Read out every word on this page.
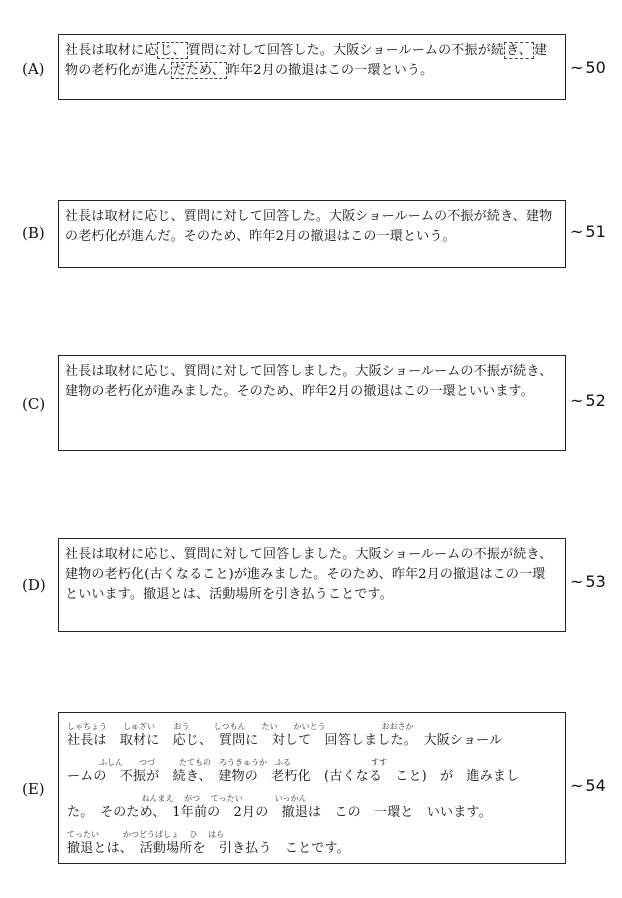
(A)
社長は取材に応 じ、 質問に対して回答した。大阪ショールームの不振が続 き、 建物の老朽化が進ん だため、 昨年2月の撤退はこの一環という。	~ 50
(B)
社長は取材に応じ、質問に対して回答した。大阪ショールームの不振が続き、建物の老朽化が進んだ。そのため、昨年2月の撤退はこの一環という。	~ 51
(C)
社長は取材に応じ、質問に対して回答しました。大阪ショールームの不振が続き、建物の老朽化が進みました。そのため、昨年2月の撤退はこの一環といいます。	~ 52
(D)
社長は取材に応じ、質問に対して回答しました。大阪ショールームの不振が続き、建物の老朽化(古くなること)が進みました。そのため、昨年2月の撤退はこの一環といいます。撤退とは、活動場所を引き払うことです。
~ 53
(E)
しゃちょう　　しゅざい　　 おう　　　しつもん　　たい　　かいとう　　　　　　　おおさか
社長は　取材に　応じ、　質問に　対して　回答しました。　大阪ショール
　　　　ふしん　　つづ　　　たてもの　ろうきゅうか　ふる　　　　　　　　　　すす
ームの　不振が　続き、　建物の　老朽化　(古くなる　こと)　が　進みまし
　　　　　　　　　 ねんまえ　 がつ　 てったい　　　　いっかん
た。　そのため、　1年前の　2月の　撤退は　この　一環と　いいます。
てったい　　　かつどうばしょ　 ひ　 はら
撤退とは、　活動場所を　引き払う　ことです。
~ 54
